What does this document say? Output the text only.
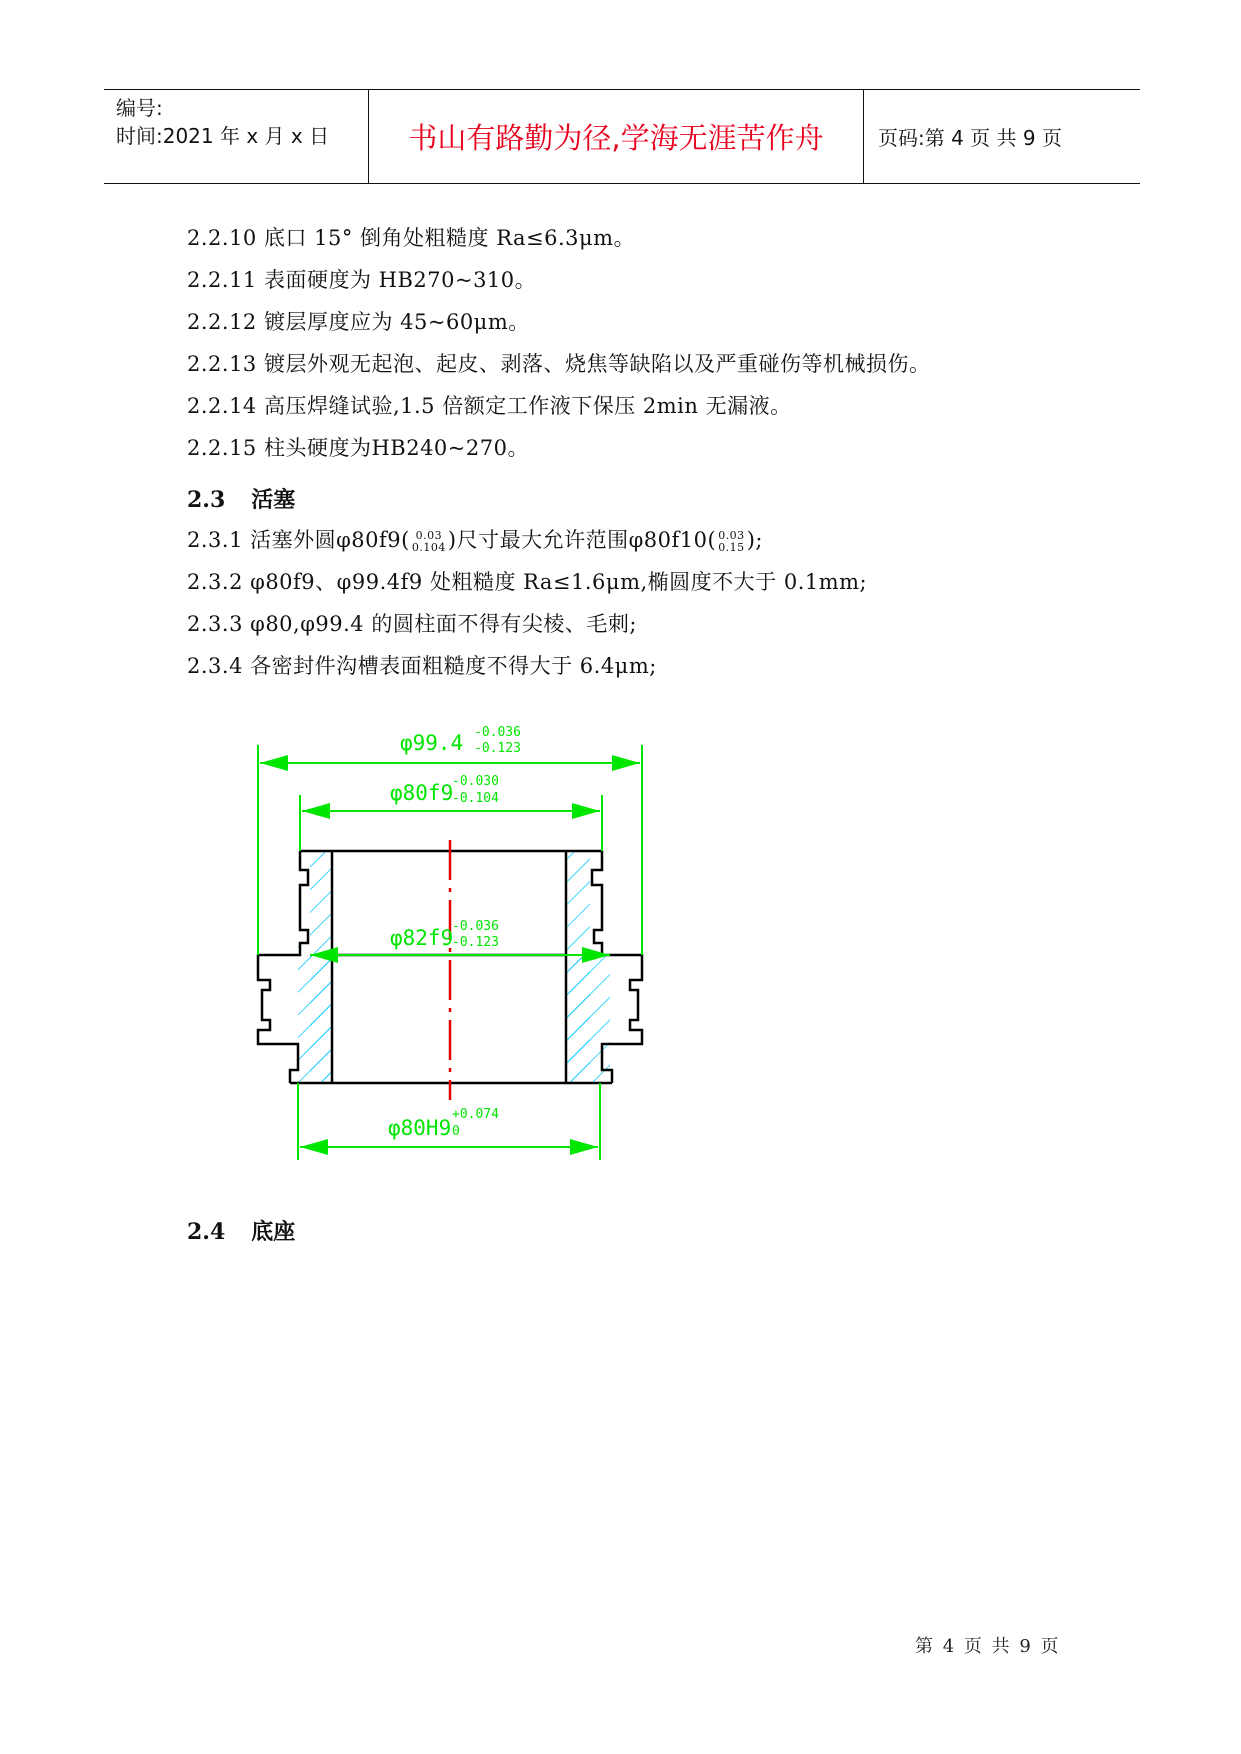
编号:
时间:2021 年 x 月 x 日	书山有路勤为径,学海无涯苦作舟	页码:第 4 页 共 9 页
2.2.10 底口 15° 倒角处粗糙度 Ra≤6.3μm。
2.2.11 表面硬度为 HB270~310。
2.2.12 镀层厚度应为 45~60μm。
2.2.13 镀层外观无起泡、起皮、剥落、烧焦等缺陷以及严重碰伤等机械损伤。
2.2.14 高压焊缝试验,1.5 倍额定工作液下保压 2min 无漏液。
2.2.15 柱头硬度为HB240~270。
2.3 活塞
2.3.1 活塞外圆φ80f9( 0.03
0.104 )尺寸最大允许范围φ80f10( 0.03
0.15 );
2.3.2 φ80f9、φ99.4f9 处粗糙度 Ra≤1.6μm,椭圆度不大于 0.1mm;
2.3.3 φ80,φ99.4 的圆柱面不得有尖棱、毛刺;
2.3.4 各密封件沟槽表面粗糙度不得大于 6.4μm;
φ99.4 -0.036
-0.123
φ80f9
-0.030
-0.104
φ82f9
-0.036
-0.123
φ80H9
+0.074
0
2.4 底座
第 4 页 共 9 页
